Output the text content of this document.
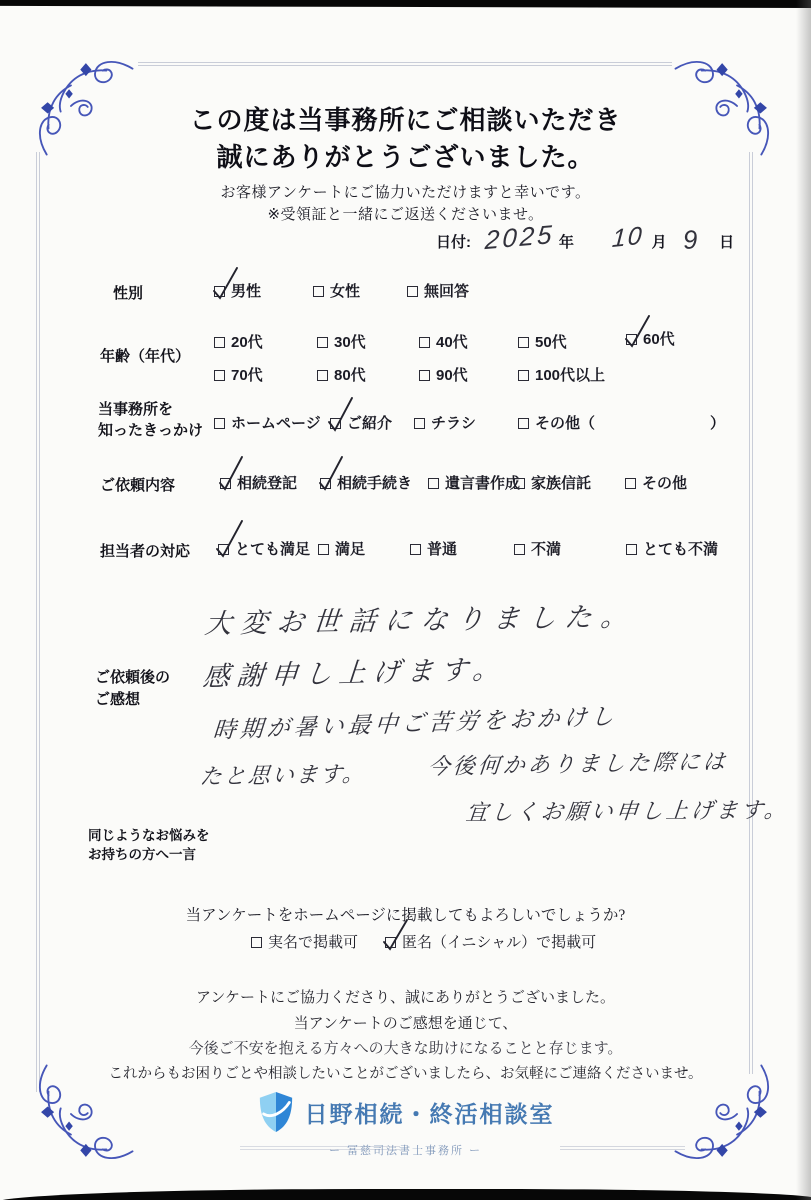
この度は当事務所にご相談いただき
誠にありがとうございました。
お客様アンケートにご協力いただけますと幸いです。
※受領証と一緒にご返送くださいませ。
日付: 2025 年 10 月 9 日
性別	男性	女性	無回答
年齢（年代）
20代	30代	40代	50代	60代
70代	80代	90代	100代以上
当事務所を
知ったきっかけ ホームページ ご紹介	チラシ	その他（	）
ご依頼内容	相続登記	相続手続き 遺言書作成 家族信託	その他
担当者の対応	とても満足 満足	普通	不満	とても不満
ご依頼後の
ご感想
大変お世話になりました。
感謝申し上げます。
時期が暑い最中ご苦労をおかけし
たと思います。	今後何かありました際には
宜しくお願い申し上げます。
同じようなお悩みを
お持ちの方へ一言
当アンケートをホームページに掲載してもよろしいでしょうか?
実名で掲載可	匿名（イニシャル）で掲載可
アンケートにご協力くださり、誠にありがとうございました。
当アンケートのご感想を通じて、
今後ご不安を抱える方々への大きな助けになることと存じます。
これからもお困りごとや相談したいことがございましたら、お気軽にご連絡くださいませ。
日野相続・終活相談室
ー 冨慈司法書士事務所 ー
